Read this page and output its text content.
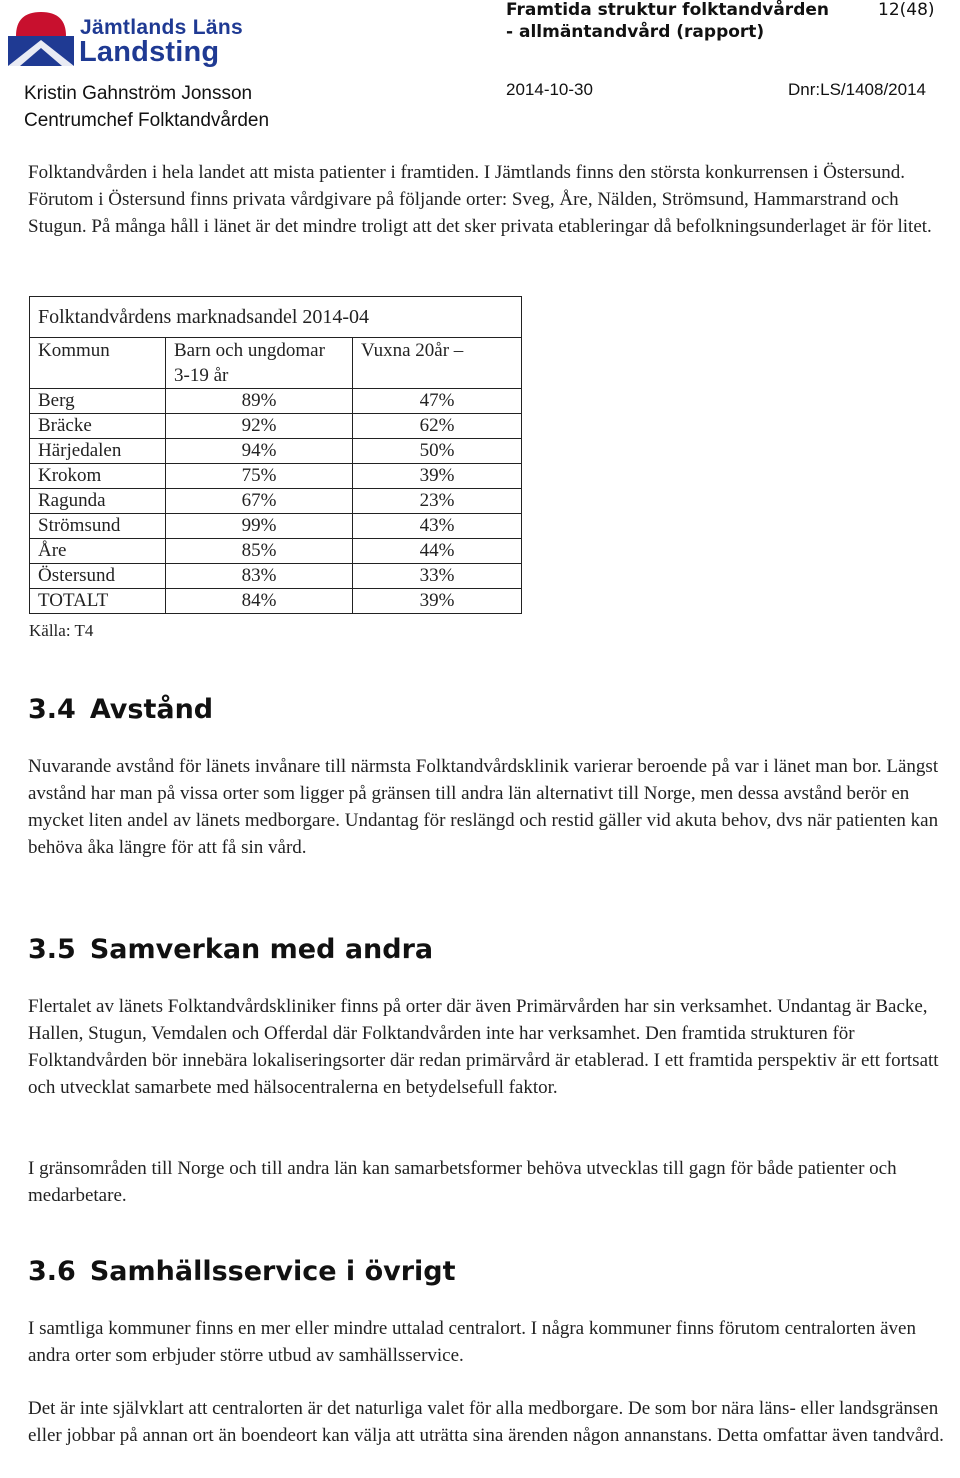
Jämtlands Läns
Landsting
Framtida struktur folktandvården - allmäntandvård (rapport)
12(48)
Kristin Gahnström Jonsson
Centrumchef Folktandvården
2014-10-30	Dnr:LS/1408/2014

Folktandvården i hela landet att mista patienter i framtiden. I Jämtlands finns den största konkurrensen i Östersund. Förutom i Östersund finns privata vårdgivare på följande orter: Sveg, Åre, Nälden, Strömsund, Hammarstrand och Stugun. På många håll i länet är det mindre troligt att det sker privata etableringar då befolkningsunderlaget är för litet.

Folktandvårdens marknadsandel 2014-04		
Kommun	Barn och ungdomar 3-19 år	Vuxna 20år –
Berg	89%	47%
Bräcke	92%	62%
Härjedalen	94%	50%
Krokom	75%	39%
Ragunda	67%	23%
Strömsund	99%	43%
Åre	85%	44%
Östersund	83%	33%
TOTALT	84%	39%
Källa: T4
3.4 Avstånd

Nuvarande avstånd för länets invånare till närmsta Folktandvårdsklinik varierar beroende på var i länet man bor. Längst avstånd har man på vissa orter som ligger på gränsen till andra län alternativt till Norge, men dessa avstånd berör en mycket liten andel av länets medborgare. Undantag för reslängd och restid gäller vid akuta behov, dvs när patienten kan behöva åka längre för att få sin vård.

3.5 Samverkan med andra

Flertalet av länets Folktandvårdskliniker finns på orter där även Primärvården har sin verksamhet. Undantag är Backe, Hallen, Stugun, Vemdalen och Offerdal där Folktandvården inte har verksamhet. Den framtida strukturen för Folktandvården bör innebära lokaliseringsorter där redan primärvård är etablerad. I ett framtida perspektiv är ett fortsatt och utvecklat samarbete med hälsocentralerna en betydelsefull faktor.

I gränsområden till Norge och till andra län kan samarbetsformer behöva utvecklas till gagn för både patienter och medarbetare.

3.6 Samhällsservice i övrigt

I samtliga kommuner finns en mer eller mindre uttalad centralort. I några kommuner finns förutom centralorten även andra orter som erbjuder större utbud av samhällsservice.

Det är inte självklart att centralorten är det naturliga valet för alla medborgare. De som bor nära läns- eller landsgränsen eller jobbar på annan ort än boendeort kan välja att uträtta sina ärenden någon annanstans. Detta omfattar även tandvård.
